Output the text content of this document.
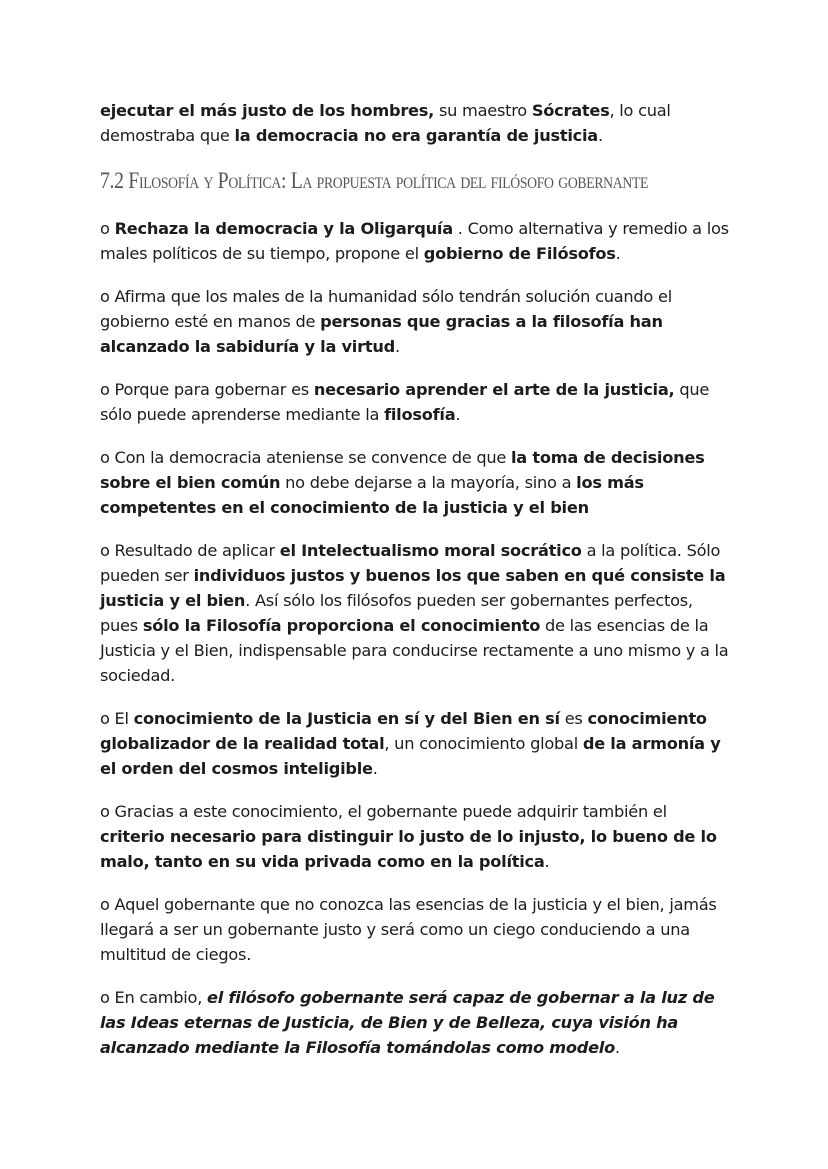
ejecutar el más justo de los hombres, su maestro Sócrates, lo cual demostraba que la democracia no era garantía de justicia.

7.2 Filosofía y Política: La propuesta política del filósofo gobernante

o Rechaza la democracia y la Oligarquía . Como alternativa y remedio a los males políticos de su tiempo, propone el gobierno de Filósofos.

o Afirma que los males de la humanidad sólo tendrán solución cuando el gobierno esté en manos de personas que gracias a la filosofía han alcanzado la sabiduría y la virtud.

o Porque para gobernar es necesario aprender el arte de la justicia, que sólo puede aprenderse mediante la filosofía.

o Con la democracia ateniense se convence de que la toma de decisiones sobre el bien común no debe dejarse a la mayoría, sino a los más competentes en el conocimiento de la justicia y el bien

o Resultado de aplicar el Intelectualismo moral socrático a la política. Sólo pueden ser individuos justos y buenos los que saben en qué consiste la justicia y el bien. Así sólo los filósofos pueden ser gobernantes perfectos, pues sólo la Filosofía proporciona el conocimiento de las esencias de la Justicia y el Bien, indispensable para conducirse rectamente a uno mismo y a la sociedad.

o El conocimiento de la Justicia en sí y del Bien en sí es conocimiento globalizador de la realidad total, un conocimiento global de la armonía y el orden del cosmos inteligible.

o Gracias a este conocimiento, el gobernante puede adquirir también el criterio necesario para distinguir lo justo de lo injusto, lo bueno de lo malo, tanto en su vida privada como en la política.

o Aquel gobernante que no conozca las esencias de la justicia y el bien, jamás llegará a ser un gobernante justo y será como un ciego conduciendo a una multitud de ciegos.

o En cambio, el filósofo gobernante será capaz de gobernar a la luz de las Ideas eternas de Justicia, de Bien y de Belleza, cuya visión ha alcanzado mediante la Filosofía tomándolas como modelo.
